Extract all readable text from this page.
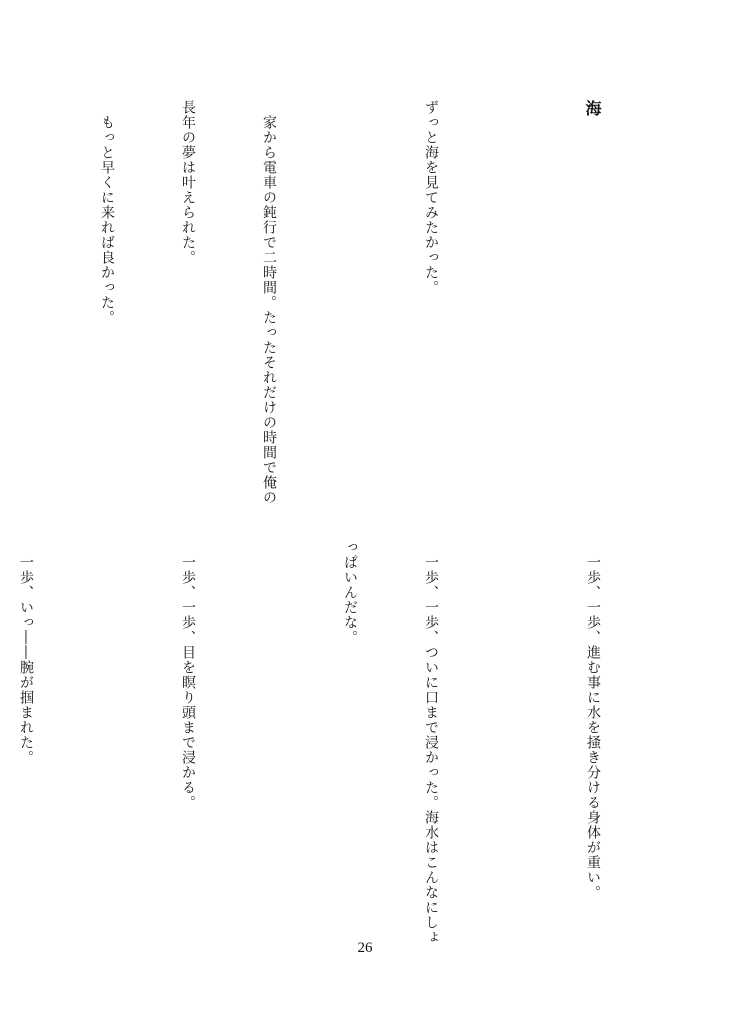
海

ずっと海を見てみたかった。

　家から電車の鈍行で二時間。たったそれだけの時間で俺の

長年の夢は叶えられた。

　もっと早くに来れば良かった。

　一歩、一歩、進む事に水を掻き分ける身体が重い。

　一歩、一歩、ついに口まで浸かった。海水はこんなにしょ

っぱいんだな。

　一歩、一歩、目を瞑り頭まで浸かる。

　一歩、いっ――腕が掴まれた。

26
